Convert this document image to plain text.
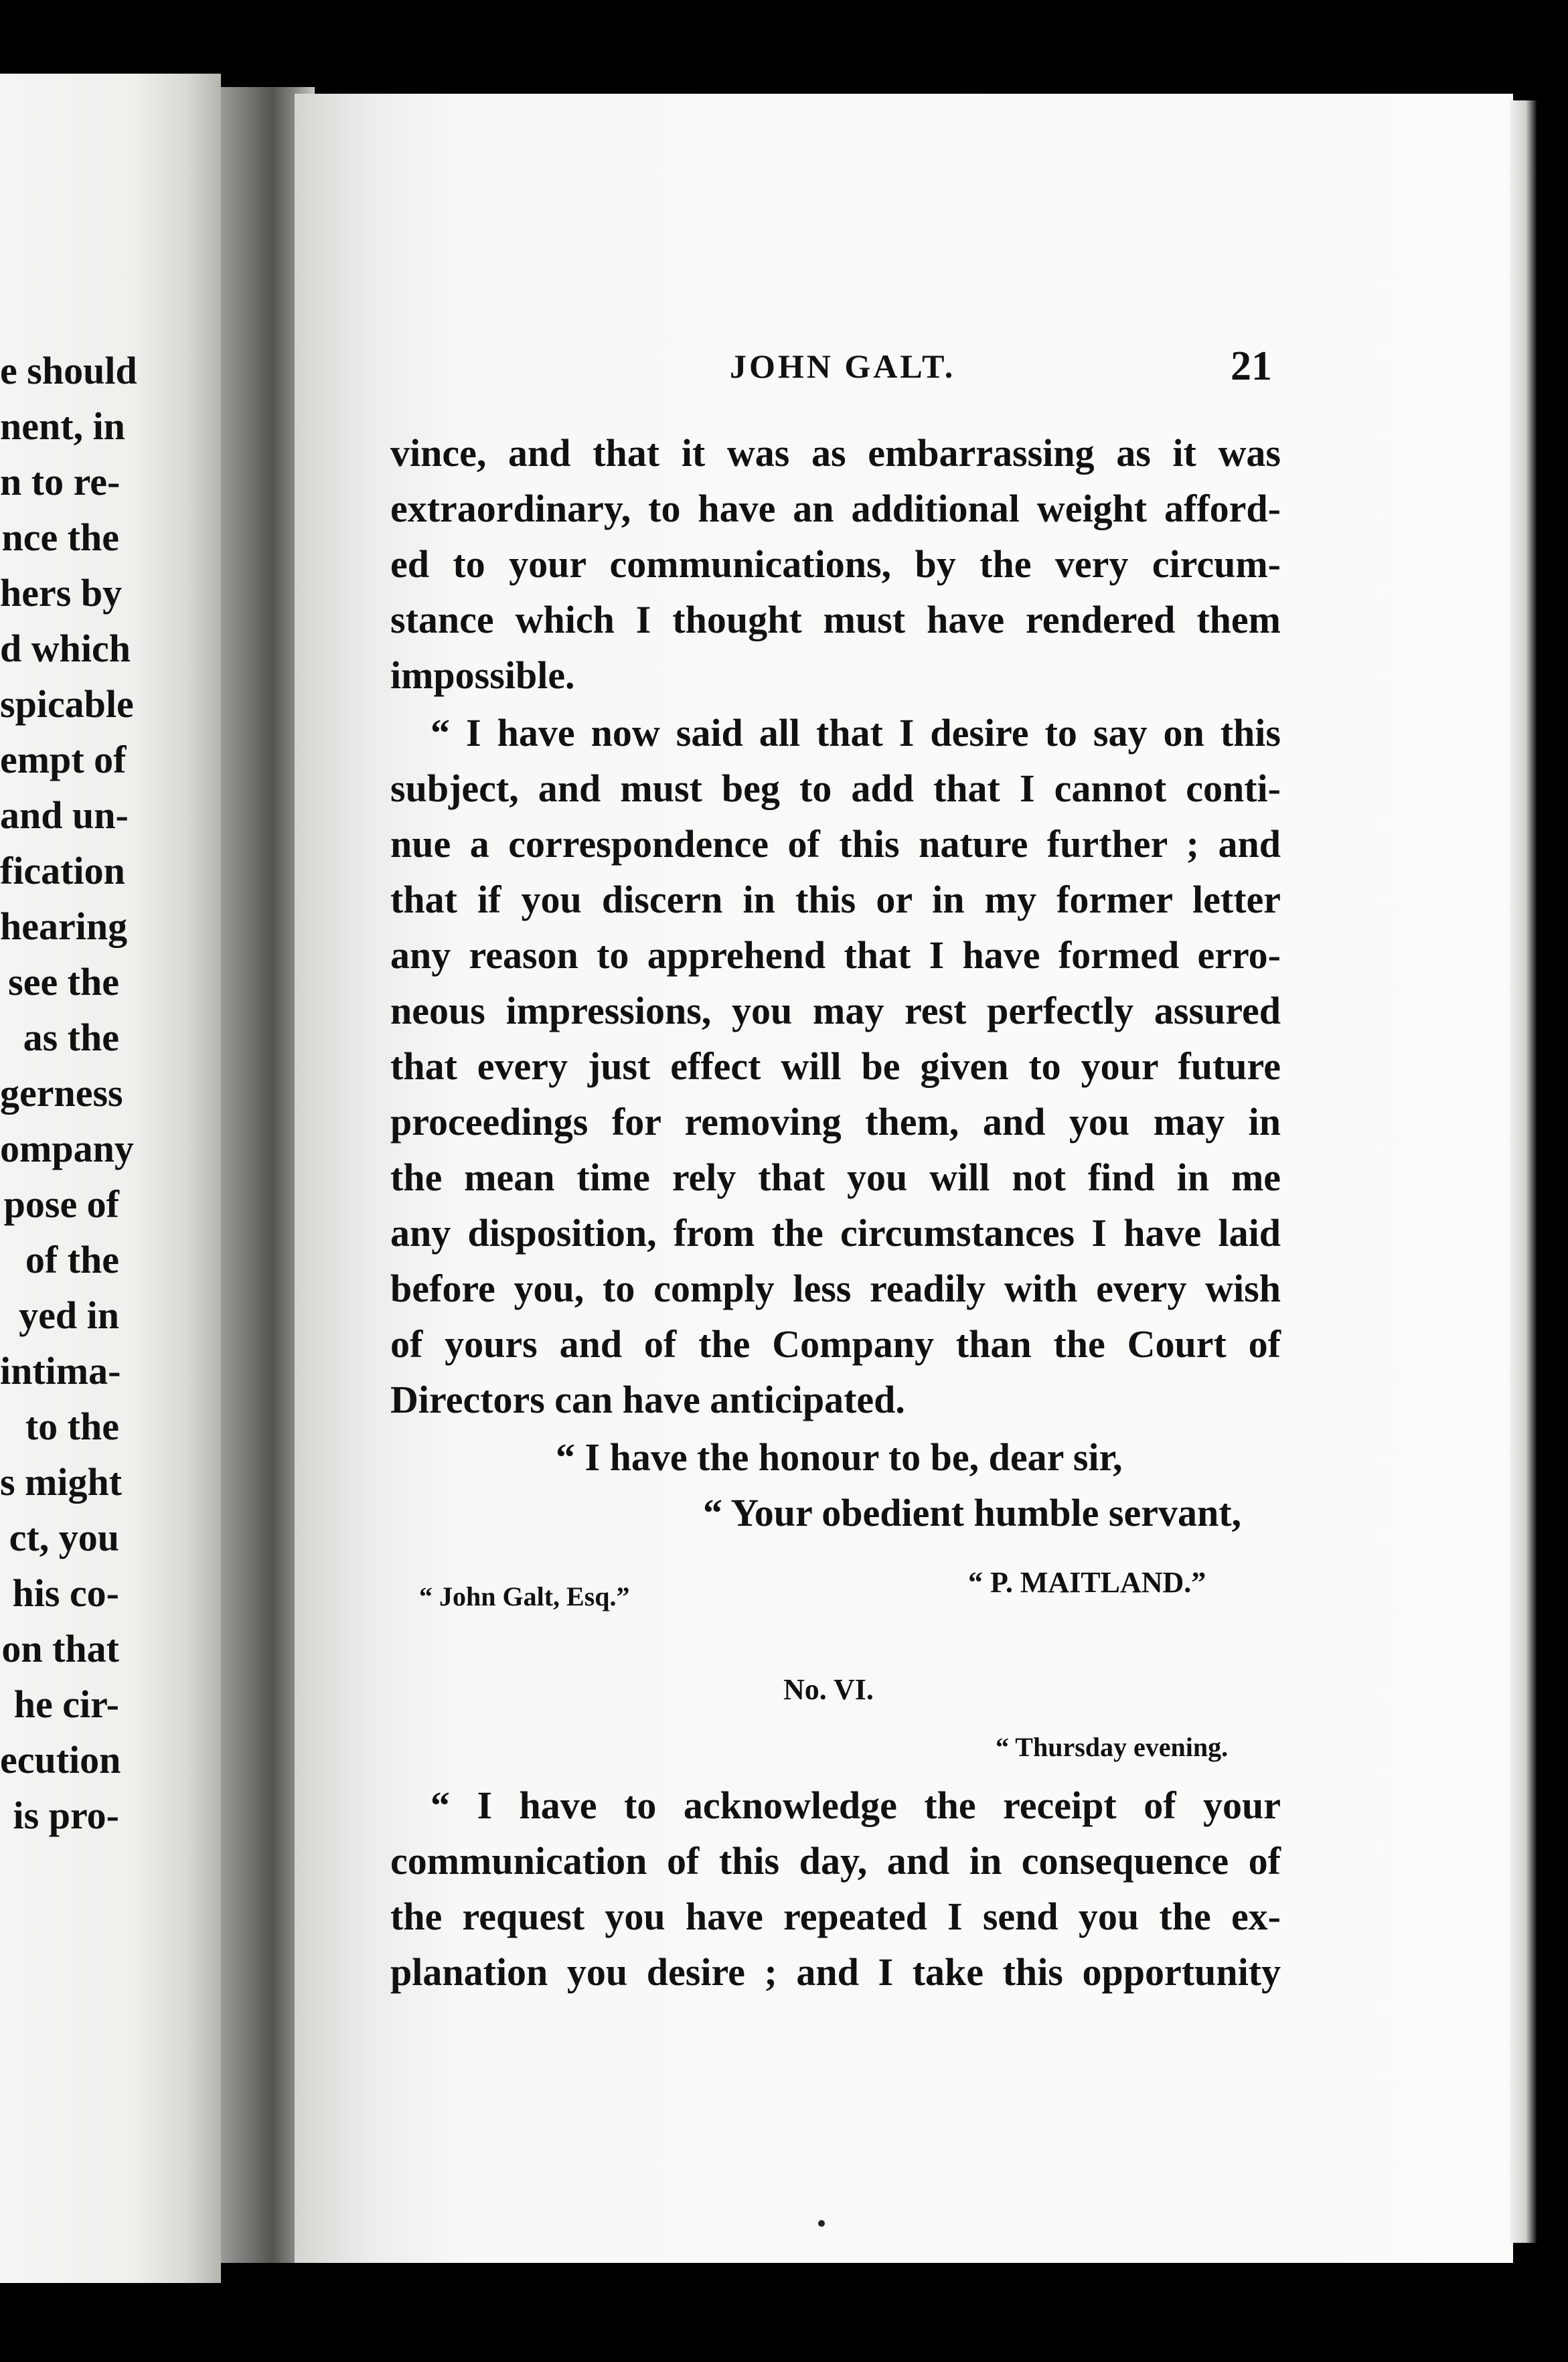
e should
nent, in
n to re-
nce the
hers by
d which
spicable
empt of
and un-
fication
hearing
see the
as the
gerness
ompany
pose of
of the
yed in
intima-
to the
s might
ct, you
his co-
on that
he cir-
ecution
is pro-
JOHN GALT.	21
vince, and that it was as embarrassing as it was
extraordinary, to have an additional weight afford-
ed to your communications, by the very circum-
stance which I thought must have rendered them
impossible.
“ I have now said all that I desire to say on this
subject, and must beg to add that I cannot conti-
nue a correspondence of this nature further ; and
that if you discern in this or in my former letter
any reason to apprehend that I have formed erro-
neous impressions, you may rest perfectly assured
that every just effect will be given to your future
proceedings for removing them, and you may in
the mean time rely that you will not find in me
any disposition, from the circumstances I have laid
before you, to comply less readily with every wish
of yours and of the Company than the Court of
Directors can have anticipated.
“ I have the honour to be, dear sir,
“ Your obedient humble servant,
“ John Galt, Esq.”	“ P. MAITLAND.”
No. VI.
“ Thursday evening.
“ I have to acknowledge the receipt of your
communication of this day, and in consequence of
the request you have repeated I send you the ex-
planation you desire ; and I take this opportunity
